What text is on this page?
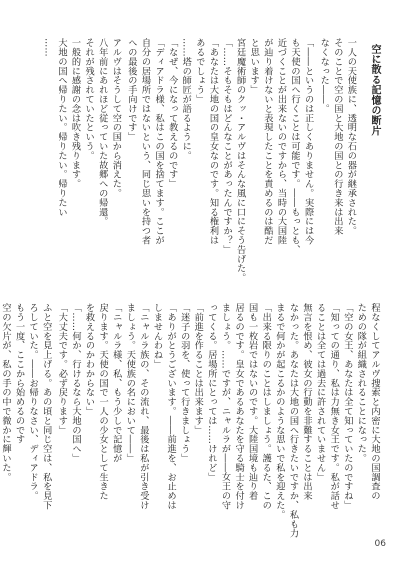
空に散る記憶の断片
一人の天使族に、透明な石の器が継承された。
そのことで空の国と大地の国との行き来は出来
なくなった――。
「――というのは正しくありません。実際には今
も天使の国へ行くことは可能です。――もっとも、
近づくことが出来ないのですから、当時の大国陸
が辿り着けないと表現したことを責めるのは酷だ
と思います」
宮廷魔術師のクッ・アルヴはそんな風に口にそう告げた。
「……そもそもはどんなことがあったんですか？」
「あなたは大地の国の皇女なのです。知る権利は
あるでしょう」
……塔の師匠が語るように。
「なぜ、今になって教えるのです」
「ディアドラ様、私はこの国を捨てます。ここが
自分の居場所ではないという、同じ思いを持つ者
への最後の手向けです」
アルヴはそうして空の国から消えた。
八年前にあれほど従っていた故郷への帰還。
それが残されていたという。
一般的に感謝の念は吹き残ります。
大地の国へ帰りたい。帰りたい。帰りたい
……
程なくしてアルヴ捜索と内密に大地の国調査の
ための隊が組織されることになった。
「空の女王、あなたは全て知っていたのですね」
「知っての通り、私は力無き女王です。私が話せ
ることは全ては過去に許されていません」
無言を恨め、彼女の行動を非難することは出来
なかった。あなたは大地の国へ行きたいですか、私も力
まるで何かが起こるかのような思いで私を迎えた。
「出来る限りのことはしましょう。護るた、この
国も一枚岩ではないのです。大陸国境も辿り着
居るのです。皇女であるあなたを守る騎士を付け
ましょう。……ですが、ニャルラが――女王の守
ってくる。居場所にとっては……けれど」
「前進を作ることは出来ます」
「迷子の羽を、使って行きましょう」
「ありがとうございます。――前進を、お止めは
しませんわね」
「ニャルラ族の、その流れ、最後は私が引き受け
ましょう。天使族の名において――」
「ニャルラ様、私、もう少しで記憶が
戻ります。天使の国で一人の少女として生きた
を救えるのかわからない」
「……何か、行けるなら大地の国へ」
「大丈夫です。必ず戻ります」
ふと空を見上げる。あの頃と同じ空は、私を見下
ろしていた。――お帰りなさい、ディアドラ。
もう一度、ここから始めるのです
空の欠片が、私の手の中で微かに輝いた。
06
